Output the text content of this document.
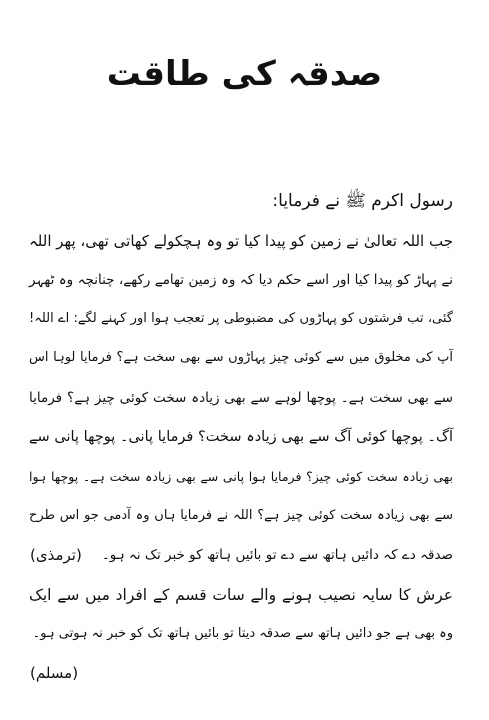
صدقہ کی طاقت
رسول اکرم ﷺ نے فرمایا:
جب اللہ تعالیٰ نے زمین کو پیدا کیا تو وہ ہچکولے کھاتی تھی، پھر اللہ
نے پہاڑ کو پیدا کیا اور اسے حکم دیا کہ وہ زمین تھامے رکھے، چنانچہ وہ ٹھہر
گئی، تب فرشتوں کو پہاڑوں کی مضبوطی پر تعجب ہوا اور کہنے لگے: اے اللہ!
آپ کی مخلوق میں سے کوئی چیز پہاڑوں سے بھی سخت ہے؟ فرمایا لوہا اس
سے بھی سخت ہے۔ پوچھا لوہے سے بھی زیادہ سخت کوئی چیز ہے؟ فرمایا
آگ۔ پوچھا کوئی آگ سے بھی زیادہ سخت؟ فرمایا پانی۔ پوچھا پانی سے
بھی زیادہ سخت کوئی چیز؟ فرمایا ہوا پانی سے بھی زیادہ سخت ہے۔ پوچھا ہوا
سے بھی زیادہ سخت کوئی چیز ہے؟ اللہ نے فرمایا ہاں وہ آدمی جو اس طرح
صدقہ دے کہ دائیں ہاتھ سے دے تو بائیں ہاتھ کو خبر تک نہ ہو۔
(ترمذی)
عرش کا سایہ نصیب ہونے والے سات قسم کے افراد میں سے ایک
وہ بھی ہے جو دائیں ہاتھ سے صدقہ دیتا تو بائیں ہاتھ تک کو خبر نہ ہوتی ہو۔
(مسلم)
